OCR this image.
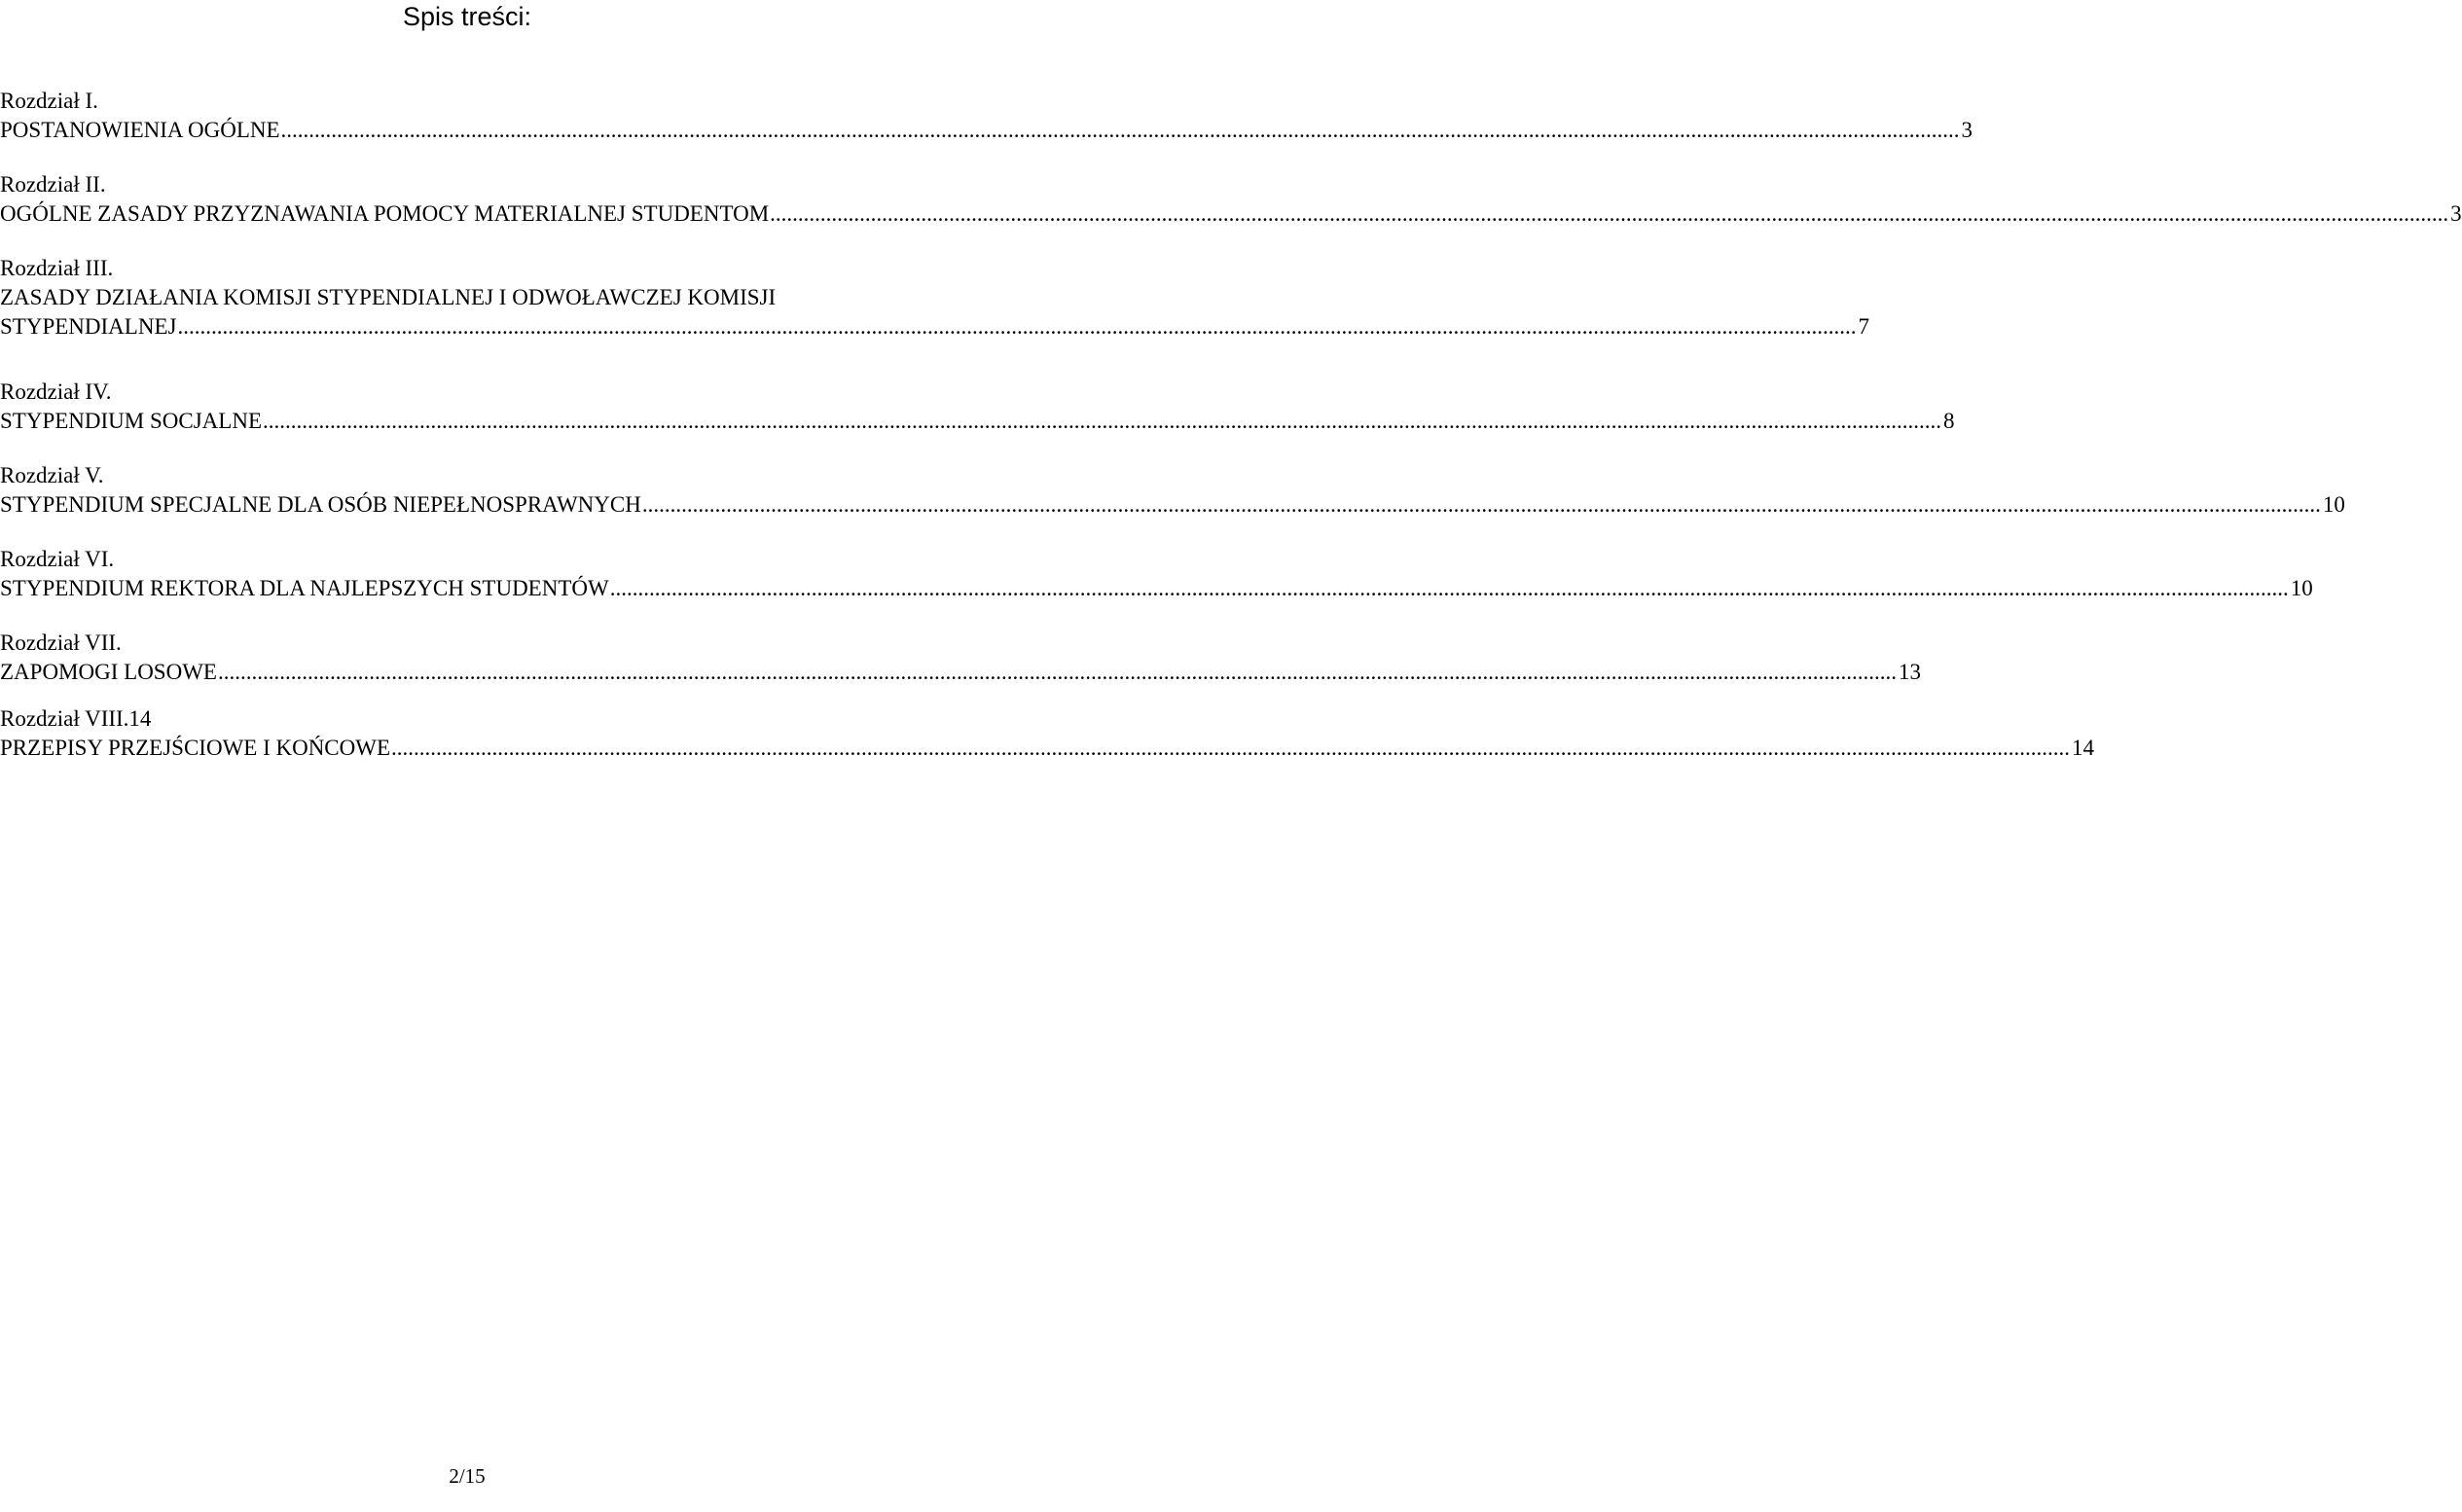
Spis treści:
Rozdział I.
POSTANOWIENIA OGÓLNE ............................................................................................................................................................................................................................................................................................................ 3
Rozdział II.
OGÓLNE ZASADY PRZYZNAWANIA POMOCY MATERIALNEJ STUDENTOM ............................................................................................................................................................................................................................................................................................................ 3
Rozdział III.
ZASADY DZIAŁANIA KOMISJI STYPENDIALNEJ I ODWOŁAWCZEJ KOMISJI
STYPENDIALNEJ ............................................................................................................................................................................................................................................................................................................ 7
Rozdział IV.
STYPENDIUM SOCJALNE ............................................................................................................................................................................................................................................................................................................ 8
Rozdział V.
STYPENDIUM SPECJALNE DLA OSÓB NIEPEŁNOSPRAWNYCH ............................................................................................................................................................................................................................................................................................................ 10
Rozdział VI.
STYPENDIUM REKTORA DLA NAJLEPSZYCH STUDENTÓW ............................................................................................................................................................................................................................................................................................................ 10
Rozdział VII.
ZAPOMOGI LOSOWE ............................................................................................................................................................................................................................................................................................................ 13
Rozdział VIII.14
PRZEPISY PRZEJŚCIOWE I KOŃCOWE ............................................................................................................................................................................................................................................................................................................ 14
2/15
